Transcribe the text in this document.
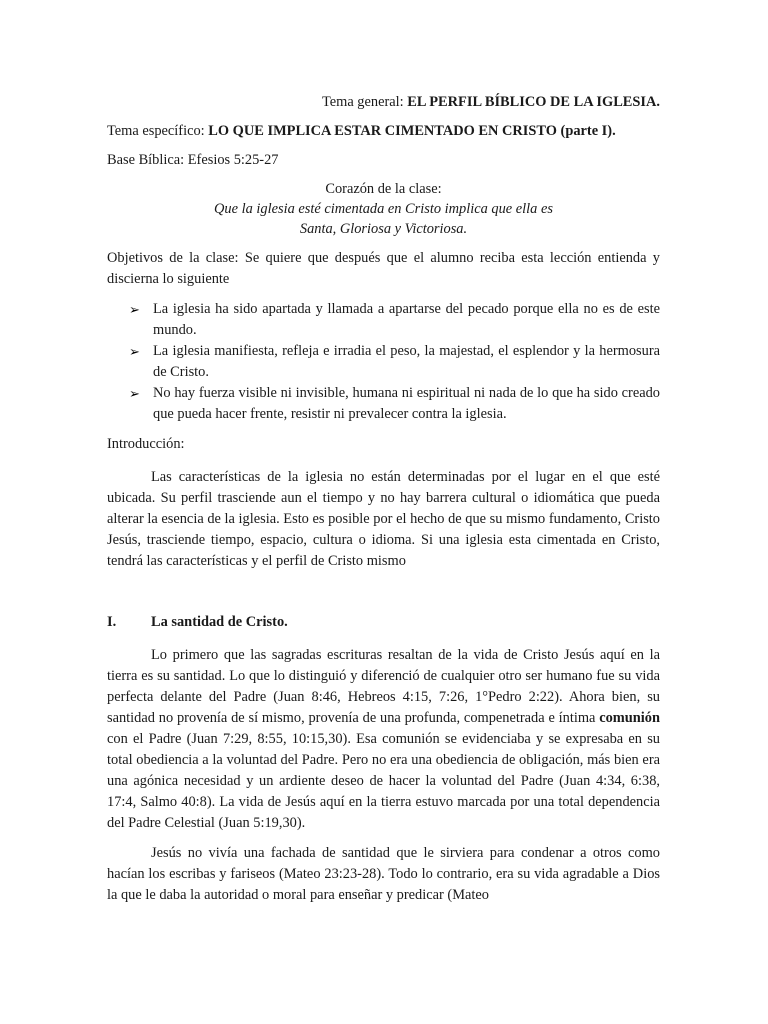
Tema general: EL PERFIL BÍBLICO DE LA IGLESIA.

Tema específico: LO QUE IMPLICA ESTAR CIMENTADO EN CRISTO (parte I).

Base Bíblica: Efesios 5:25-27

Corazón de la clase:

Que la iglesia esté cimentada en Cristo implica que ella es

Santa, Gloriosa y Victoriosa.

Objetivos de la clase: Se quiere que después que el alumno reciba esta lección entienda y discierna lo siguiente

➢ La iglesia ha sido apartada y llamada a apartarse del pecado porque ella no es de este mundo.
➢ La iglesia manifiesta, refleja e irradia el peso, la majestad, el esplendor y la hermosura de Cristo.
➢ No hay fuerza visible ni invisible, humana ni espiritual ni nada de lo que ha sido creado que pueda hacer frente, resistir ni prevalecer contra la iglesia.

Introducción:

Las características de la iglesia no están determinadas por el lugar en el que esté ubicada. Su perfil trasciende aun el tiempo y no hay barrera cultural o idiomática que pueda alterar la esencia de la iglesia. Esto es posible por el hecho de que su mismo fundamento, Cristo Jesús, trasciende tiempo, espacio, cultura o idioma. Si una iglesia esta cimentada en Cristo, tendrá las características y el perfil de Cristo mismo

I. La santidad de Cristo.

Lo primero que las sagradas escrituras resaltan de la vida de Cristo Jesús aquí en la tierra es su santidad. Lo que lo distinguió y diferenció de cualquier otro ser humano fue su vida perfecta delante del Padre (Juan 8:46, Hebreos 4:15, 7:26, 1°Pedro 2:22). Ahora bien, su santidad no provenía de sí mismo, provenía de una profunda, compenetrada e íntima comunión con el Padre (Juan 7:29, 8:55, 10:15,30). Esa comunión se evidenciaba y se expresaba en su total obediencia a la voluntad del Padre. Pero no era una obediencia de obligación, más bien era una agónica necesidad y un ardiente deseo de hacer la voluntad del Padre (Juan 4:34, 6:38, 17:4, Salmo 40:8). La vida de Jesús aquí en la tierra estuvo marcada por una total dependencia del Padre Celestial (Juan 5:19,30).

Jesús no vivía una fachada de santidad que le sirviera para condenar a otros como hacían los escribas y fariseos (Mateo 23:23-28). Todo lo contrario, era su vida agradable a Dios la que le daba la autoridad o moral para enseñar y predicar (Mateo
